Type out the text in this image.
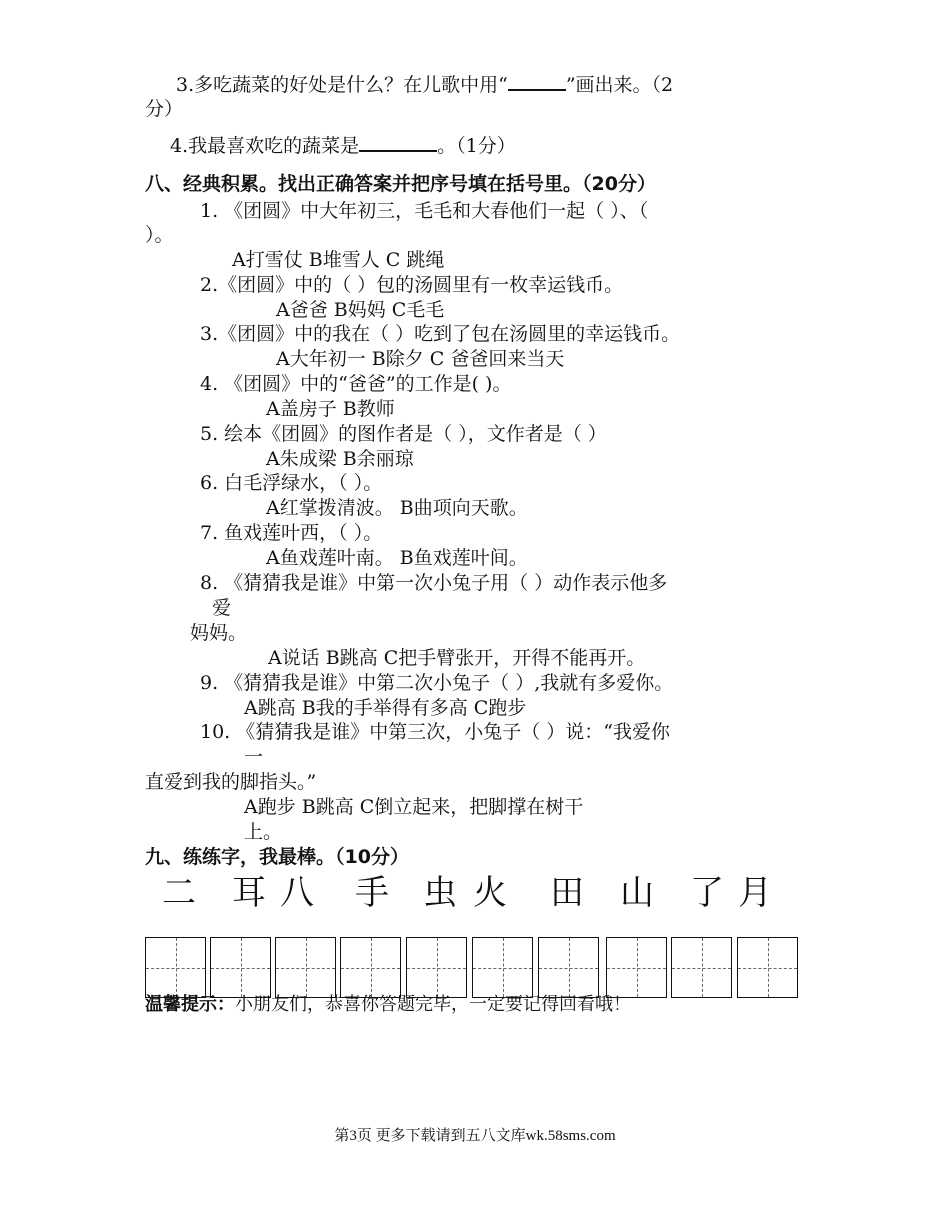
3.多吃蔬菜的好处是什么？在儿歌中用“	”画出来。（2
分）
4.我最喜欢吃的蔬菜是	。（1分）
八、经典积累。找出正确答案并把序号填在括号里。（20分）
1. 《团圆》中大年初三，毛毛和大春他们一起（ ）、（
）。
A打雪仗 B堆雪人 C 跳绳
2.《团圆》中的（ ）包的汤圆里有一枚幸运钱币。
A爸爸 B妈妈 C毛毛
3.《团圆》中的我在（ ）吃到了包在汤圆里的幸运钱币。
A大年初一 B除夕 C 爸爸回来当天
4. 《团圆》中的“爸爸”的工作是( )。
A盖房子 B教师
5. 绘本《团圆》的图作者是（ ），文作者是（ ）
A朱成梁 B余丽琼
6. 白毛浮绿水，（ ）。
A红掌拨清波。 B曲项向天歌。
7. 鱼戏莲叶西，（ ）。
A鱼戏莲叶南。 B鱼戏莲叶间。
8. 《猜猜我是谁》中第一次小兔子用（ ）动作表示他多
爱
妈妈。
A说话 B跳高 C把手臂张开，开得不能再开。
9. 《猜猜我是谁》中第二次小兔子（ ）,我就有多爱你。
A跳高 B我的手举得有多高 C跑步
10. 《猜猜我是谁》中第三次，小兔子（ ）说：“我爱你
一
直爱到我的脚指头。”
A跑步 B跳高 C倒立起来，把脚撑在树干
上。
九、练练字，我最棒。（10分）
二 耳 八 手 虫 火 田 山 了 月
温馨提示：小朋友们，恭喜你答题完毕，一定要记得回看哦！
第3页 更多下载请到五八文库wk.58sms.com
